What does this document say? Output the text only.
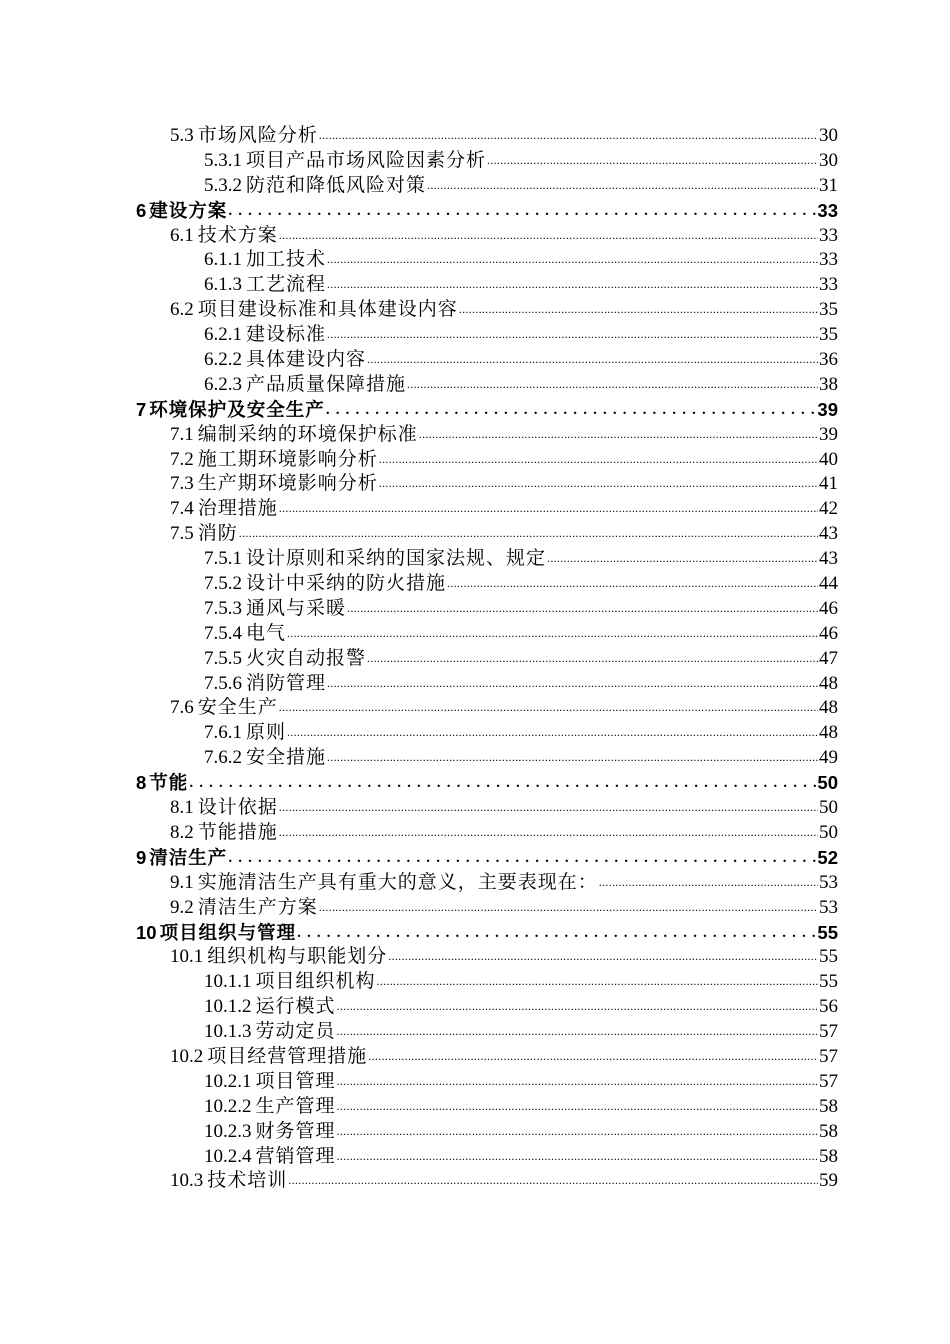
5.3 市场风险分析 .....	30
5.3.1 项目产品市场风险因素分析 .....	30
5.3.2 防范和降低风险对策 .....	31
6 建设方案 . . .	33
6.1 技术方案 .....	33
6.1.1 加工技术 .....	33
6.1.3 工艺流程 .....	33
6.2 项目建设标准和具体建设内容 .....	35
6.2.1 建设标准 .....	35
6.2.2 具体建设内容 .....	36
6.2.3 产品质量保障措施 .....	38
7 环境保护及安全生产 . . .	39
7.1 编制采纳的环境保护标准 .....	39
7.2 施工期环境影响分析 .....	40
7.3 生产期环境影响分析 .....	41
7.4 治理措施 .....	42
7.5 消防 .....	43
7.5.1 设计原则和采纳的国家法规、规定 .....	43
7.5.2 设计中采纳的防火措施 .....	44
7.5.3 通风与采暖 .....	46
7.5.4 电气 .....	46
7.5.5 火灾自动报警 .....	47
7.5.6 消防管理 .....	48
7.6 安全生产 .....	48
7.6.1 原则 .....	48
7.6.2 安全措施 .....	49
8 节能 . . .	50
8.1 设计依据 .....	50
8.2 节能措施 .....	50
9 清洁生产 . . .	52
9.1 实施清洁生产具有重大的意义，主要表现在： .....	53
9.2 清洁生产方案 .....	53
10 项目组织与管理 . . .	55
10.1 组织机构与职能划分 .....	55
10.1.1 项目组织机构 .....	55
10.1.2 运行模式 .....	56
10.1.3 劳动定员 .....	57
10.2 项目经营管理措施 .....	57
10.2.1 项目管理 .....	57
10.2.2 生产管理 .....	58
10.2.3 财务管理 .....	58
10.2.4 营销管理 .....	58
10.3 技术培训 .....	59
